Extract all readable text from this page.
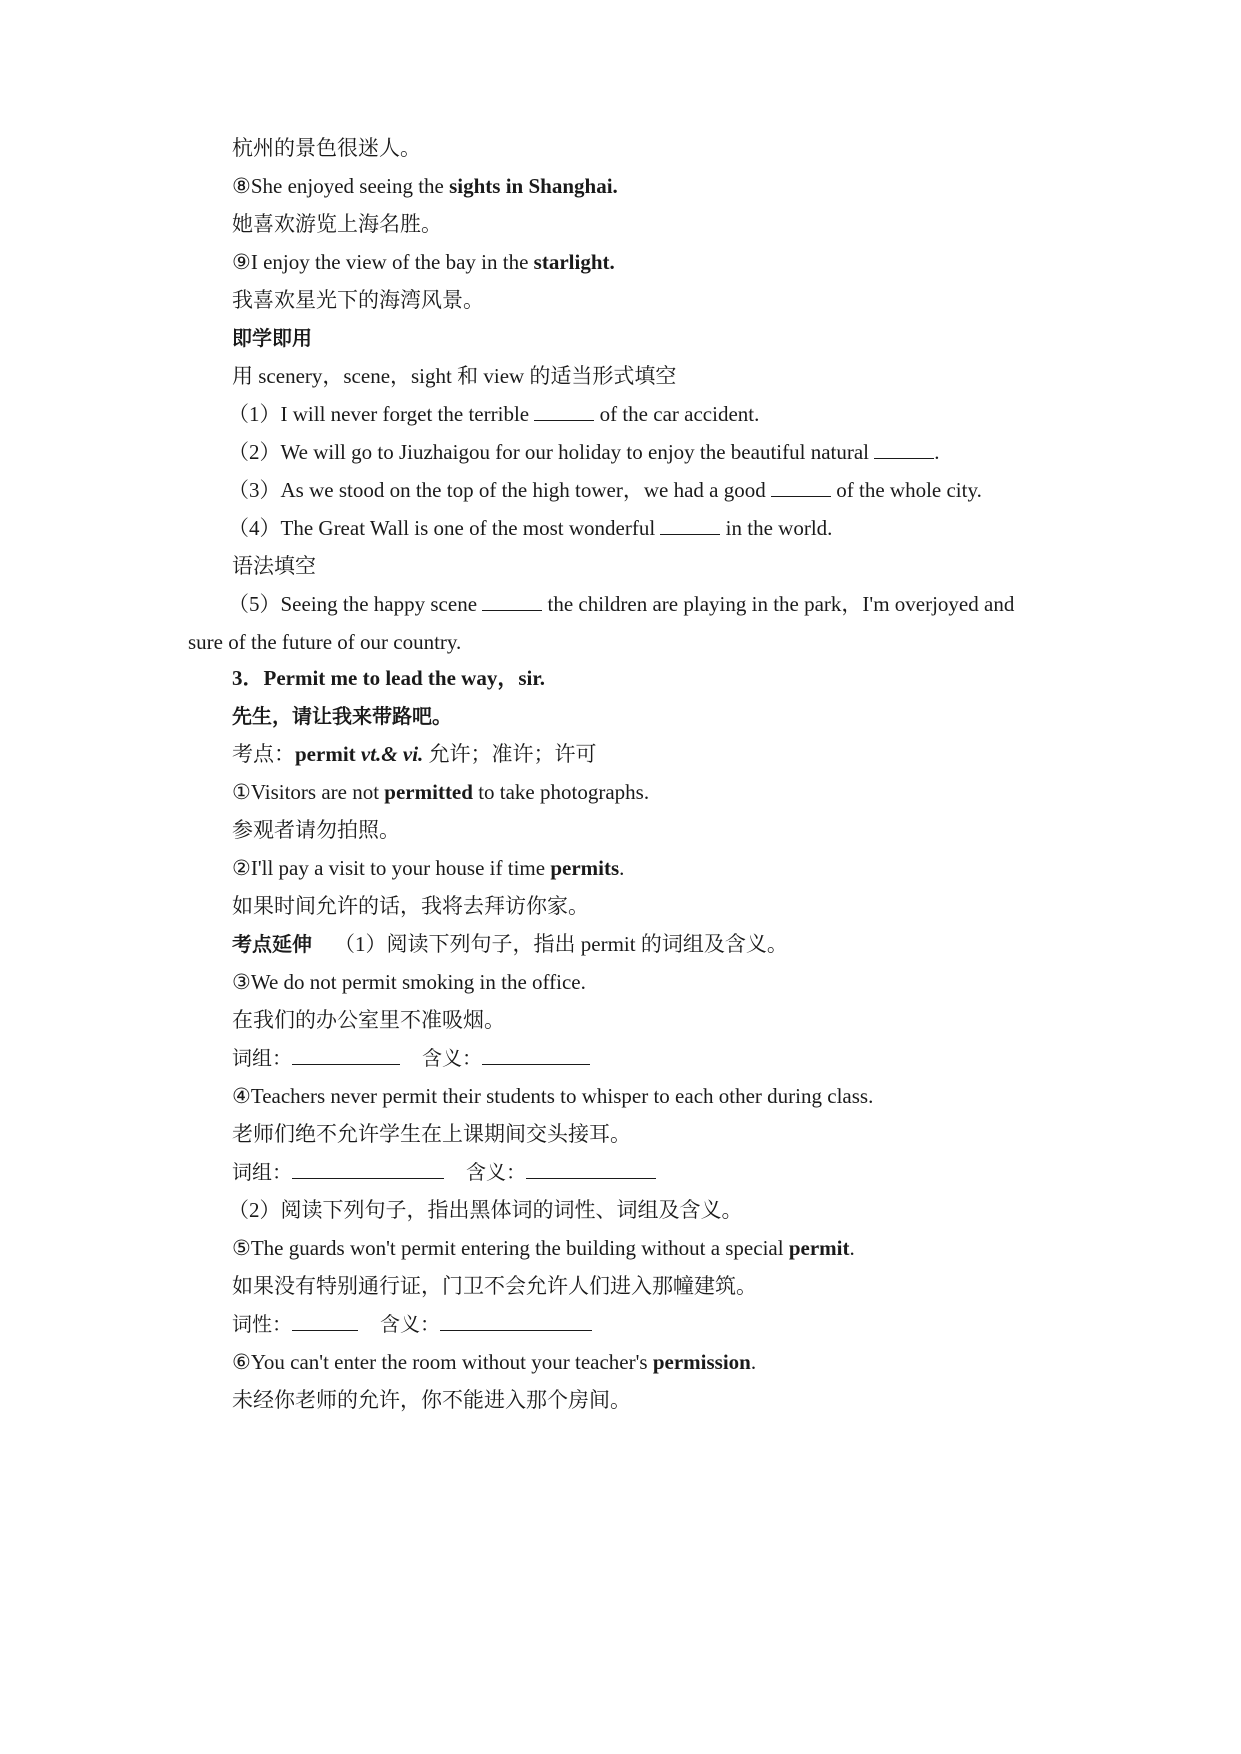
杭州的景色很迷人。
⑧She enjoyed seeing the sights in Shanghai.
她喜欢游览上海名胜。
⑨I enjoy the view of the bay in the starlight.
我喜欢星光下的海湾风景。
即学即用
用 scenery，scene，sight 和 view 的适当形式填空
（1）I will never forget the terrible	of the car accident.
（2）We will go to Jiuzhaigou for our holiday to enjoy the beautiful natural	.
（3）As we stood on the top of the high tower，we had a good	of the whole city.
（4）The Great Wall is one of the most wonderful	in the world.
语法填空
（5）Seeing the happy scene	the children are playing in the park，I'm overjoyed and
sure of the future of our country.
3．Permit me to lead the way，sir.
先生，请让我来带路吧。
考点：permit vt.& vi. 允许；准许；许可
①Visitors are not permitted to take photographs.
参观者请勿拍照。
②I'll pay a visit to your house if time permits.
如果时间允许的话，我将去拜访你家。
考点延伸 （1）阅读下列句子，指出 permit 的词组及含义。
③We do not permit smoking in the office.
在我们的办公室里不准吸烟。
词组：	含义：
④Teachers never permit their students to whisper to each other during class.
老师们绝不允许学生在上课期间交头接耳。
词组：	含义：
（2）阅读下列句子，指出黑体词的词性、词组及含义。
⑤The guards won't permit entering the building without a special permit.
如果没有特别通行证，门卫不会允许人们进入那幢建筑。
词性：	含义：
⑥You can't enter the room without your teacher's permission.
未经你老师的允许，你不能进入那个房间。
